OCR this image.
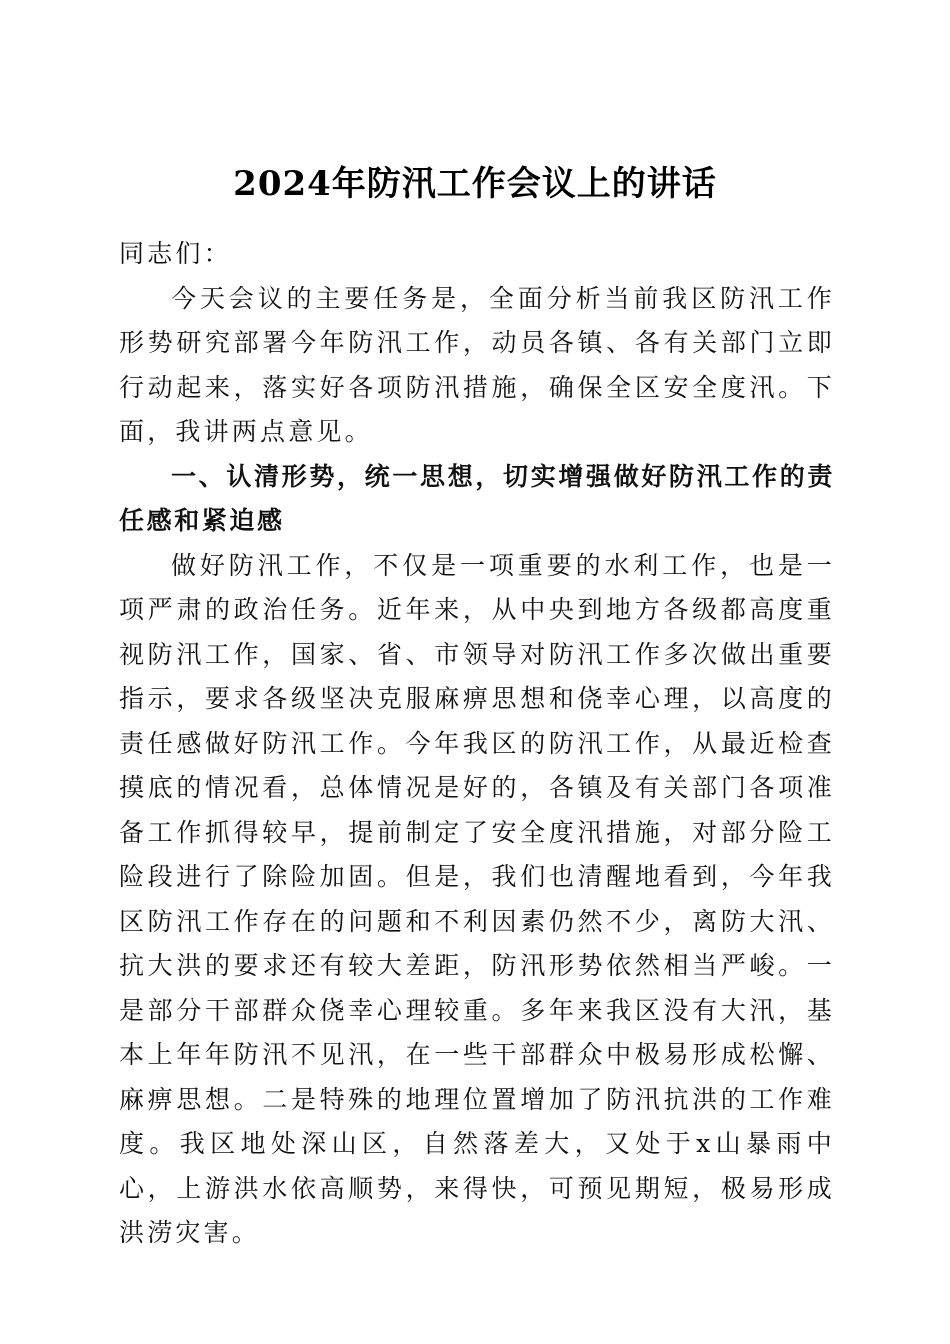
2024年防汛工作会议上的讲话

同志们：

今天会议的主要任务是，全面分析当前我区防汛工作形势研究部署今年防汛工作，动员各镇、各有关部门立即行动起来，落实好各项防汛措施，确保全区安全度汛。下面，我讲两点意见。

一、认清形势，统一思想，切实增强做好防汛工作的责任感和紧迫感

做好防汛工作，不仅是一项重要的水利工作，也是一项严肃的政治任务。近年来，从中央到地方各级都高度重视防汛工作，国家、省、市领导对防汛工作多次做出重要指示，要求各级坚决克服麻痹思想和侥幸心理，以高度的责任感做好防汛工作。今年我区的防汛工作，从最近检查摸底的情况看，总体情况是好的，各镇及有关部门各项准备工作抓得较早，提前制定了安全度汛措施，对部分险工险段进行了除险加固。但是，我们也清醒地看到，今年我区防汛工作存在的问题和不利因素仍然不少，离防大汛、抗大洪的要求还有较大差距，防汛形势依然相当严峻。一是部分干部群众侥幸心理较重。多年来我区没有大汛，基本上年年防汛不见汛，在一些干部群众中极易形成松懈、麻痹思想。二是特殊的地理位置增加了防汛抗洪的工作难度。我区地处深山区，自然落差大，又处于x山暴雨中心，上游洪水依高顺势，来得快，可预见期短，极易形成洪涝灾害。
